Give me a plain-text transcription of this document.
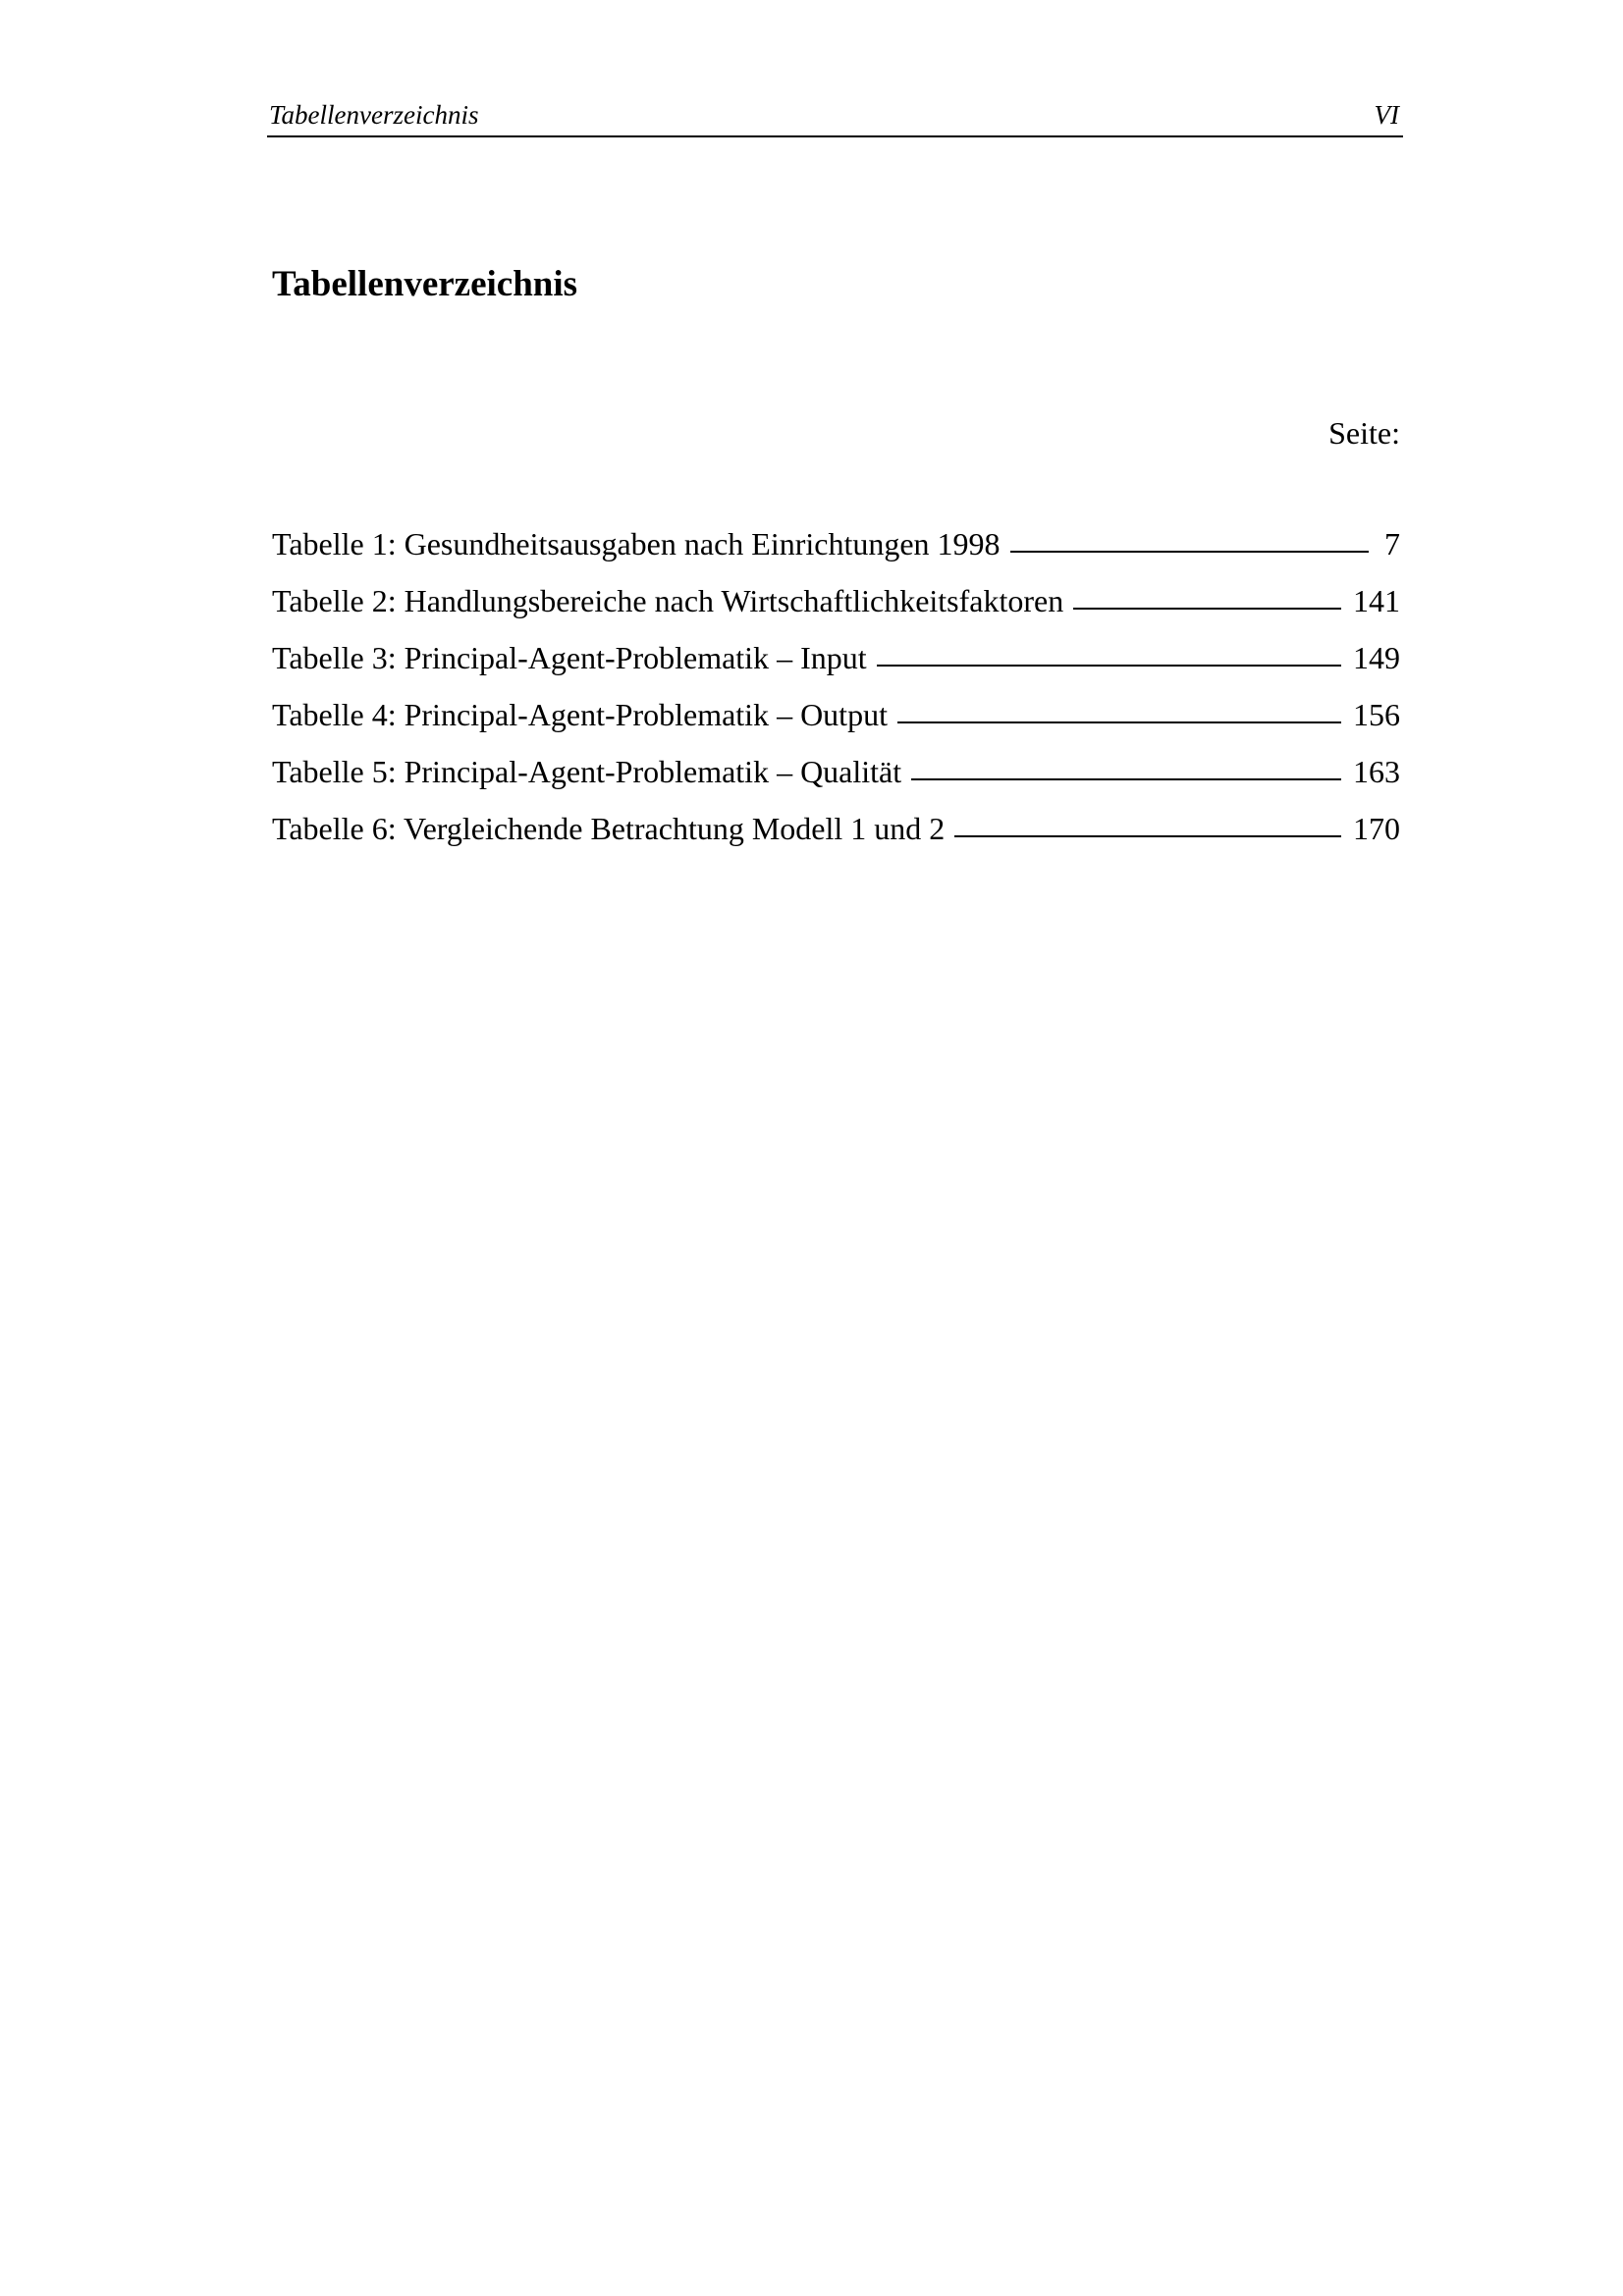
Tabellenverzeichnis	VI
Tabellenverzeichnis
Seite:
Tabelle 1: Gesundheitsausgaben nach Einrichtungen 1998	7
Tabelle 2: Handlungsbereiche nach Wirtschaftlichkeitsfaktoren	141
Tabelle 3: Principal-Agent-Problematik – Input	149
Tabelle 4: Principal-Agent-Problematik – Output	156
Tabelle 5: Principal-Agent-Problematik – Qualität	163
Tabelle 6: Vergleichende Betrachtung Modell 1 und 2	170
